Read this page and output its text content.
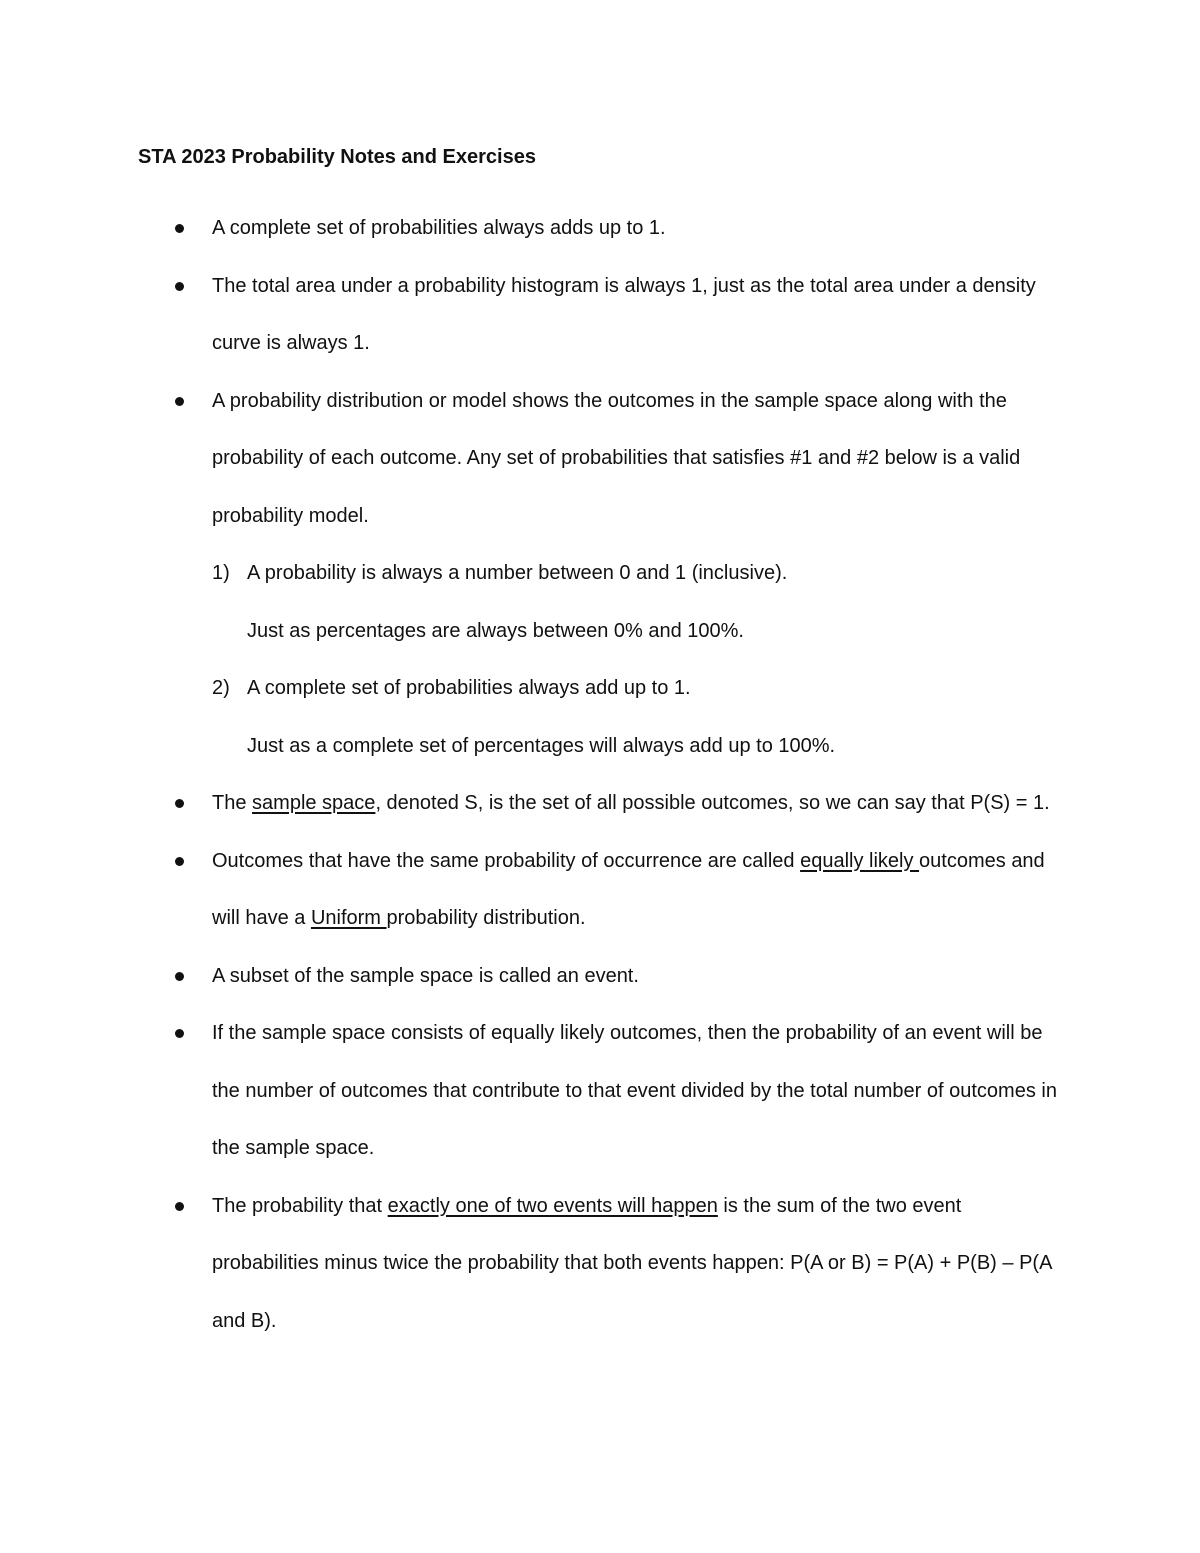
STA 2023 Probability Notes and Exercises

A complete set of probabilities always adds up to 1.
The total area under a probability histogram is always 1, just as the total area under a density curve is always 1.
A probability distribution or model shows the outcomes in the sample space along with the probability of each outcome. Any set of probabilities that satisfies #1 and #2 below is a valid probability model.
1) A probability is always a number between 0 and 1 (inclusive).
Just as percentages are always between 0% and 100%.
2) A complete set of probabilities always add up to 1.
Just as a complete set of percentages will always add up to 100%.
The sample space, denoted S, is the set of all possible outcomes, so we can say that P(S) = 1.
Outcomes that have the same probability of occurrence are called equally likely outcomes and will have a Uniform probability distribution.
A subset of the sample space is called an event.
If the sample space consists of equally likely outcomes, then the probability of an event will be the number of outcomes that contribute to that event divided by the total number of outcomes in the sample space.
The probability that exactly one of two events will happen is the sum of the two event probabilities minus twice the probability that both events happen: P(A or B) = P(A) + P(B) – P(A and B).
